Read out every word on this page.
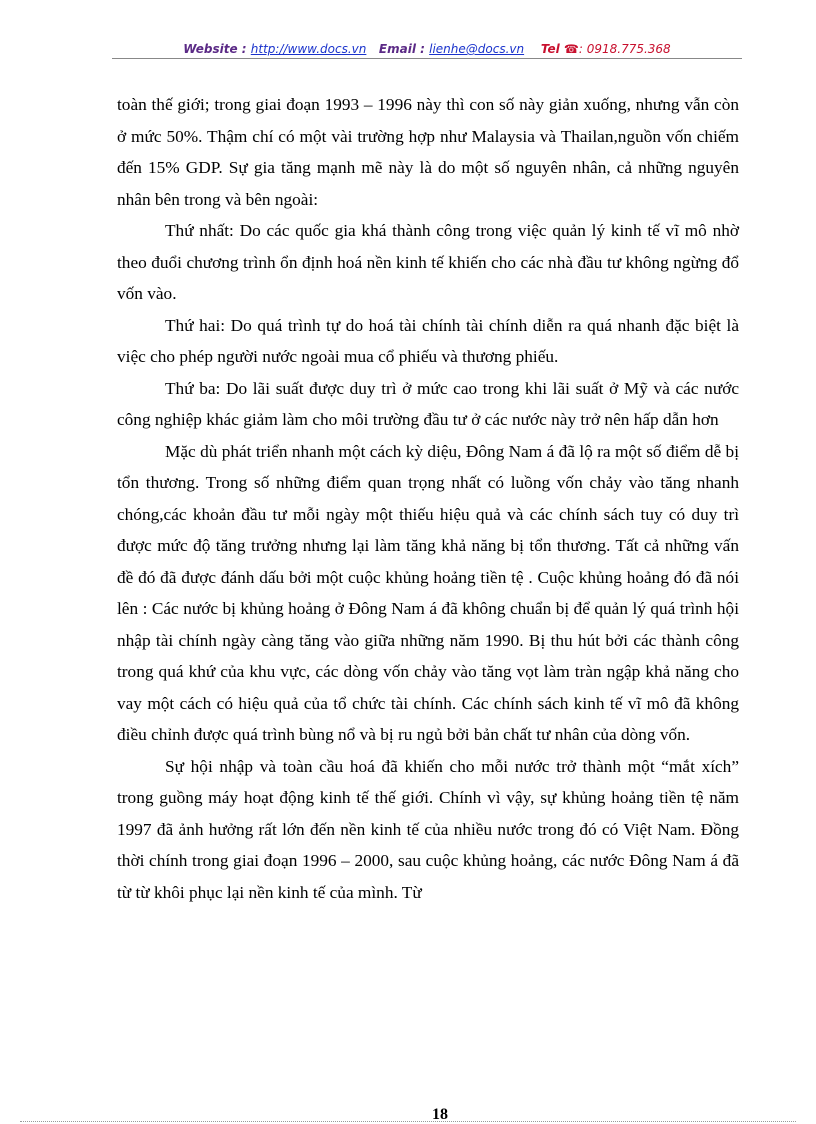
Website : http://www.docs.vn Email : lienhe@docs.vn Tel ☎: 0918.775.368

toàn thế giới; trong giai đoạn 1993 – 1996 này thì con số này giản xuống, nhưng vẫn còn ở mức 50%. Thậm chí có một vài trường hợp như Malaysia và Thailan,nguồn vốn chiếm đến 15% GDP. Sự gia tăng mạnh mẽ này là do một số nguyên nhân, cả những nguyên nhân bên trong và bên ngoài:

Thứ nhất: Do các quốc gia khá thành công trong việc quản lý kinh tế vĩ mô nhờ theo đuổi chương trình ổn định hoá nền kinh tế khiến cho các nhà đầu tư không ngừng đổ vốn vào.

Thứ hai: Do quá trình tự do hoá tài chính tài chính diễn ra quá nhanh đặc biệt là việc cho phép người nước ngoài mua cổ phiếu và thương phiếu.

Thứ ba: Do lãi suất được duy trì ở mức cao trong khi lãi suất ở Mỹ và các nước công nghiệp khác giảm làm cho môi trường đầu tư ở các nước này trở nên hấp dẫn hơn

Mặc dù phát triển nhanh một cách kỳ diệu, Đông Nam á đã lộ ra một số điểm dễ bị tổn thương. Trong số những điểm quan trọng nhất có luồng vốn chảy vào tăng nhanh chóng,các khoản đầu tư mỗi ngày một thiếu hiệu quả và các chính sách tuy có duy trì được mức độ tăng trưởng nhưng lại làm tăng khả năng bị tổn thương. Tất cả những vấn đề đó đã được đánh dấu bởi một cuộc khủng hoảng tiền tệ . Cuộc khủng hoảng đó đã nói lên : Các nước bị khủng hoảng ở Đông Nam á đã không chuẩn bị để quản lý quá trình hội nhập tài chính ngày càng tăng vào giữa những năm 1990. Bị thu hút bởi các thành công trong quá khứ của khu vực, các dòng vốn chảy vào tăng vọt làm tràn ngập khả năng cho vay một cách có hiệu quả của tổ chức tài chính. Các chính sách kinh tế vĩ mô đã không điều chỉnh được quá trình bùng nổ và bị ru ngủ bởi bản chất tư nhân của dòng vốn.

Sự hội nhập và toàn cầu hoá đã khiến cho mỗi nước trở thành một “mắt xích” trong guồng máy hoạt động kinh tế thế giới. Chính vì vậy, sự khủng hoảng tiền tệ năm 1997 đã ảnh hưởng rất lớn đến nền kinh tế của nhiều nước trong đó có Việt Nam. Đồng thời chính trong giai đoạn 1996 – 2000, sau cuộc khủng hoảng, các nước Đông Nam á đã từ từ khôi phục lại nền kinh tế của mình. Từ

18
